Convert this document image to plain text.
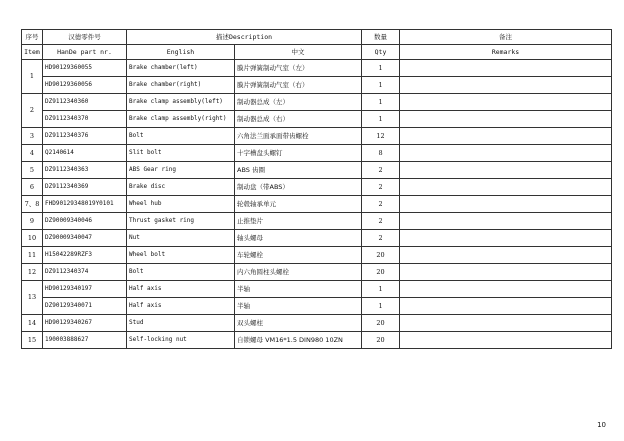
序号	汉德零件号	描述Description		数量	备注
Item	HanDe part nr.	English	中文	Qty	Remarks
1	HD90129360055	Brake chamber(left)	膜片弹簧制动气室（左）	1	
	HD90129360056	Brake chamber(right)	膜片弹簧制动气室（右）	1	
2	DZ9112340360	Brake clamp assembly(left)	制动器总成（左）	1	
	DZ9112340370	Brake clamp assembly(right)	制动器总成（右）	1	
3	DZ9112340376	Bolt	六角法兰面承面带齿螺栓	12	
4	Q2140614	Slit bolt	十字槽盘头螺钉	8	
5	DZ9112340363	ABS Gear ring	ABS 齿圈	2	
6	DZ9112340369	Brake disc	制动盘（带ABS）	2	
7、8	FHD90129348019Y0101	Wheel hub	轮毂轴承单元	2	
9	DZ90009340046	Thrust gasket ring	止推垫片	2	
10	DZ90009340047	Nut	轴头螺母	2	
11	H15042289RZF3	Wheel bolt	车轮螺栓	20	
12	DZ9112340374	Bolt	内六角圆柱头螺栓	20	
13	HD90129340197	Half axis	半轴	1	
	DZ90129340071	Half axis	半轴	1	
14	HD90129340267	Stud	双头螺柱	20	
15	190003888627	Self-locking nut	自锁螺母 VM16*1.5 DIN980 10ZN	20	
10
